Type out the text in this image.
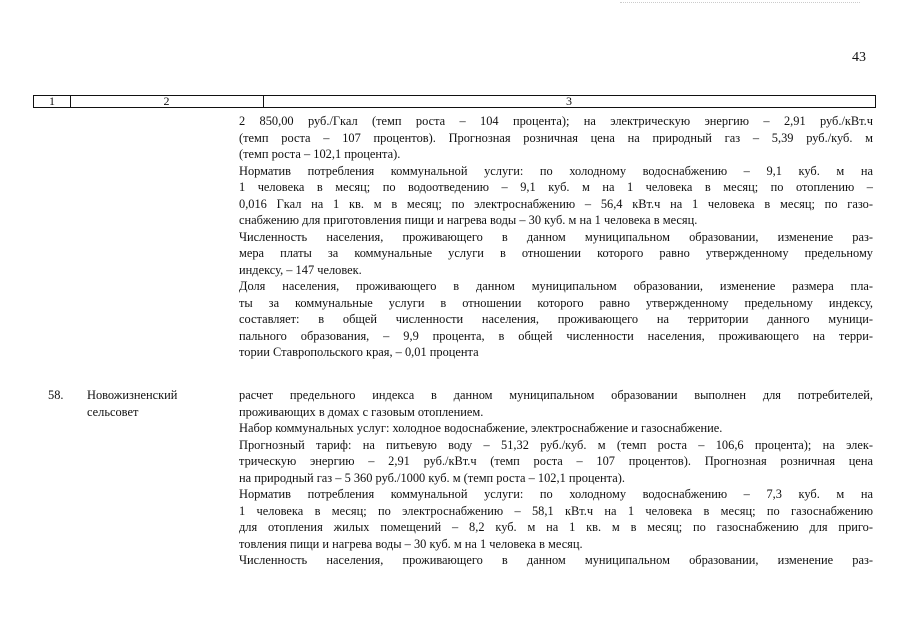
43
1	2	3

2 850,00 руб./Гкал (темп роста – 104 процента); на электрическую энергию – 2,91 руб./кВт.ч

(темп роста – 107 процентов). Прогнозная розничная цена на природный газ – 5,39 руб./куб. м

(темп роста – 102,1 процента).

Норматив потребления коммунальной услуги: по холодному водоснабжению – 9,1 куб. м на

1 человека в месяц; по водоотведению – 9,1 куб. м на 1 человека в месяц; по отоплению –

0,016 Гкал на 1 кв. м в месяц; по электроснабжению – 56,4 кВт.ч на 1 человека в месяц; по газо-

снабжению для приготовления пищи и нагрева воды – 30 куб. м на 1 человека в месяц.

Численность населения, проживающего в данном муниципальном образовании, изменение раз-

мера платы за коммунальные услуги в отношении которого равно утвержденному предельному

индексу, – 147 человек.

Доля населения, проживающего в данном муниципальном образовании, изменение размера пла-

ты за коммунальные услуги в отношении которого равно утвержденному предельному индексу,

составляет: в общей численности населения, проживающего на территории данного муници-

пального образования, – 9,9 процента, в общей численности населения, проживающего на терри-

тории Ставропольского края, – 0,01 процента

58. Новожизненский
сельсовет

расчет предельного индекса в данном муниципальном образовании выполнен для потребителей,

проживающих в домах с газовым отоплением.

Набор коммунальных услуг: холодное водоснабжение, электроснабжение и газоснабжение.

Прогнозный тариф: на питьевую воду – 51,32 руб./куб. м (темп роста – 106,6 процента); на элек-

трическую энергию – 2,91 руб./кВт.ч (темп роста – 107 процентов). Прогнозная розничная цена

на природный газ – 5 360 руб./1000 куб. м (темп роста – 102,1 процента).

Норматив потребления коммунальной услуги: по холодному водоснабжению – 7,3 куб. м на

1 человека в месяц; по электроснабжению – 58,1 кВт.ч на 1 человека в месяц; по газоснабжению

для отопления жилых помещений – 8,2 куб. м на 1 кв. м в месяц; по газоснабжению для приго-

товления пищи и нагрева воды – 30 куб. м на 1 человека в месяц.

Численность населения, проживающего в данном муниципальном образовании, изменение раз-
